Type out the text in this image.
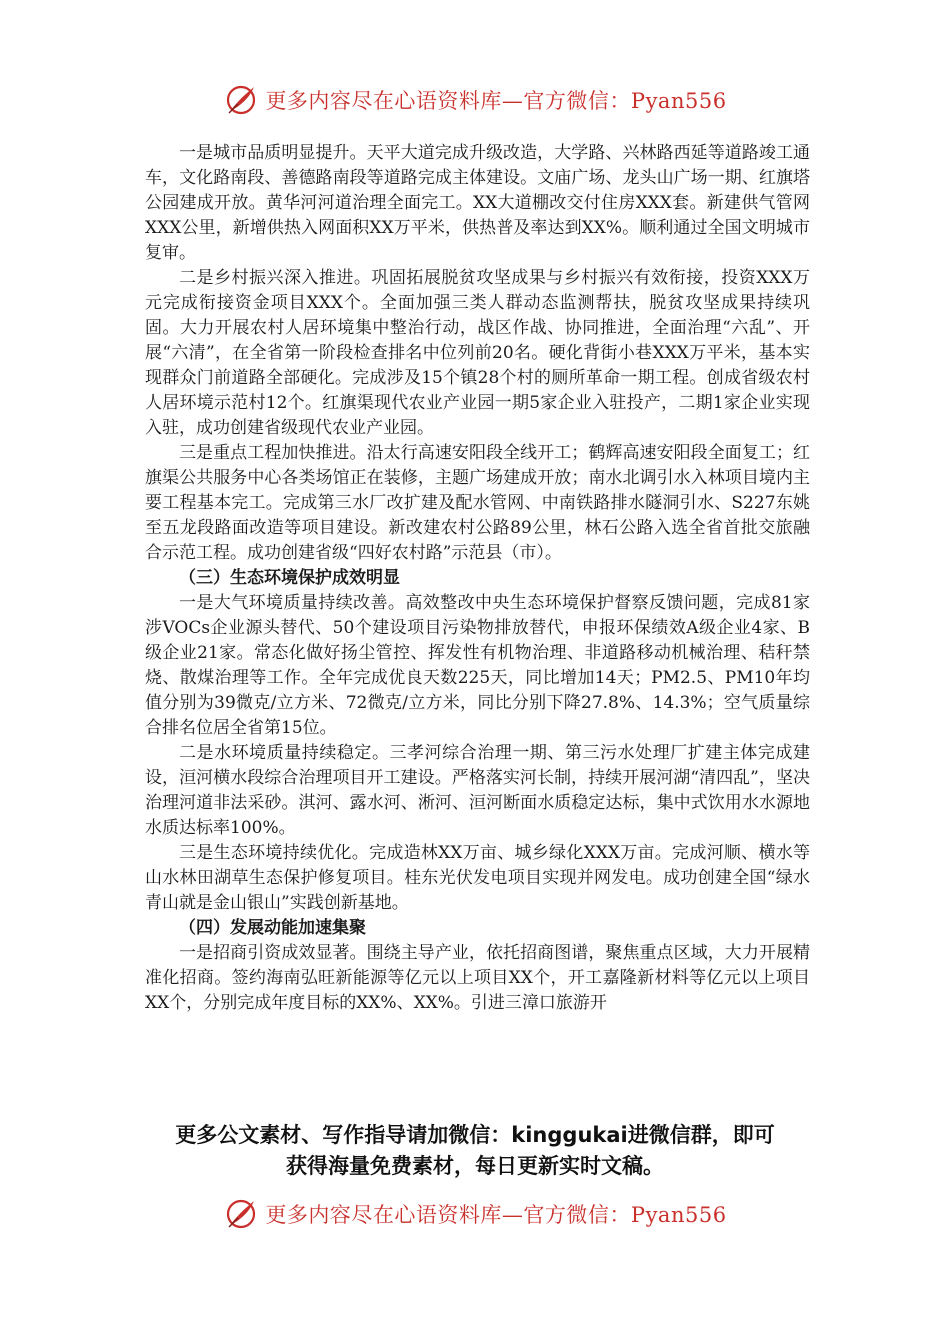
更多内容尽在心语资料库—官方微信：Pyan556

一是城市品质明显提升。天平大道完成升级改造，大学路、兴林路西延等道路竣工通车，文化路南段、善德路南段等道路完成主体建设。文庙广场、龙头山广场一期、红旗塔公园建成开放。黄华河河道治理全面完工。XX大道棚改交付住房XXX套。新建供气管网XXX公里，新增供热入网面积XX万平米，供热普及率达到XX%。顺利通过全国文明城市复审。

二是乡村振兴深入推进。巩固拓展脱贫攻坚成果与乡村振兴有效衔接，投资XXX万元完成衔接资金项目XXX个。全面加强三类人群动态监测帮扶，脱贫攻坚成果持续巩固。大力开展农村人居环境集中整治行动，战区作战、协同推进，全面治理“六乱”、开展“六清”，在全省第一阶段检查排名中位列前20名。硬化背街小巷XXX万平米，基本实现群众门前道路全部硬化。完成涉及15个镇28个村的厕所革命一期工程。创成省级农村人居环境示范村12个。红旗渠现代农业产业园一期5家企业入驻投产，二期1家企业实现入驻，成功创建省级现代农业产业园。

三是重点工程加快推进。沿太行高速安阳段全线开工；鹤辉高速安阳段全面复工；红旗渠公共服务中心各类场馆正在装修，主题广场建成开放；南水北调引水入林项目境内主要工程基本完工。完成第三水厂改扩建及配水管网、中南铁路排水隧洞引水、S227东姚至五龙段路面改造等项目建设。新改建农村公路89公里，林石公路入选全省首批交旅融合示范工程。成功创建省级“四好农村路”示范县（市）。

（三）生态环境保护成效明显

一是大气环境质量持续改善。高效整改中央生态环境保护督察反馈问题，完成81家涉VOCs企业源头替代、50个建设项目污染物排放替代，申报环保绩效A级企业4家、B级企业21家。常态化做好扬尘管控、挥发性有机物治理、非道路移动机械治理、秸秆禁烧、散煤治理等工作。全年完成优良天数225天，同比增加14天；PM2.5、PM10年均值分别为39微克/立方米、72微克/立方米，同比分别下降27.8%、14.3%；空气质量综合排名位居全省第15位。

二是水环境质量持续稳定。三孝河综合治理一期、第三污水处理厂扩建主体完成建设，洹河横水段综合治理项目开工建设。严格落实河长制，持续开展河湖“清四乱”，坚决治理河道非法采砂。淇河、露水河、淅河、洹河断面水质稳定达标，集中式饮用水水源地水质达标率100%。

三是生态环境持续优化。完成造林XX万亩、城乡绿化XXX万亩。完成河顺、横水等山水林田湖草生态保护修复项目。桂东光伏发电项目实现并网发电。成功创建全国“绿水青山就是金山银山”实践创新基地。

（四）发展动能加速集聚

一是招商引资成效显著。围绕主导产业，依托招商图谱，聚焦重点区域，大力开展精准化招商。签约海南弘旺新能源等亿元以上项目XX个，开工嘉隆新材料等亿元以上项目XX个，分别完成年度目标的XX%、XX%。引进三漳口旅游开

更多公文素材、写作指导请加微信：kinggukai进微信群，即可

获得海量免费素材，每日更新实时文稿。

更多内容尽在心语资料库—官方微信：Pyan556
